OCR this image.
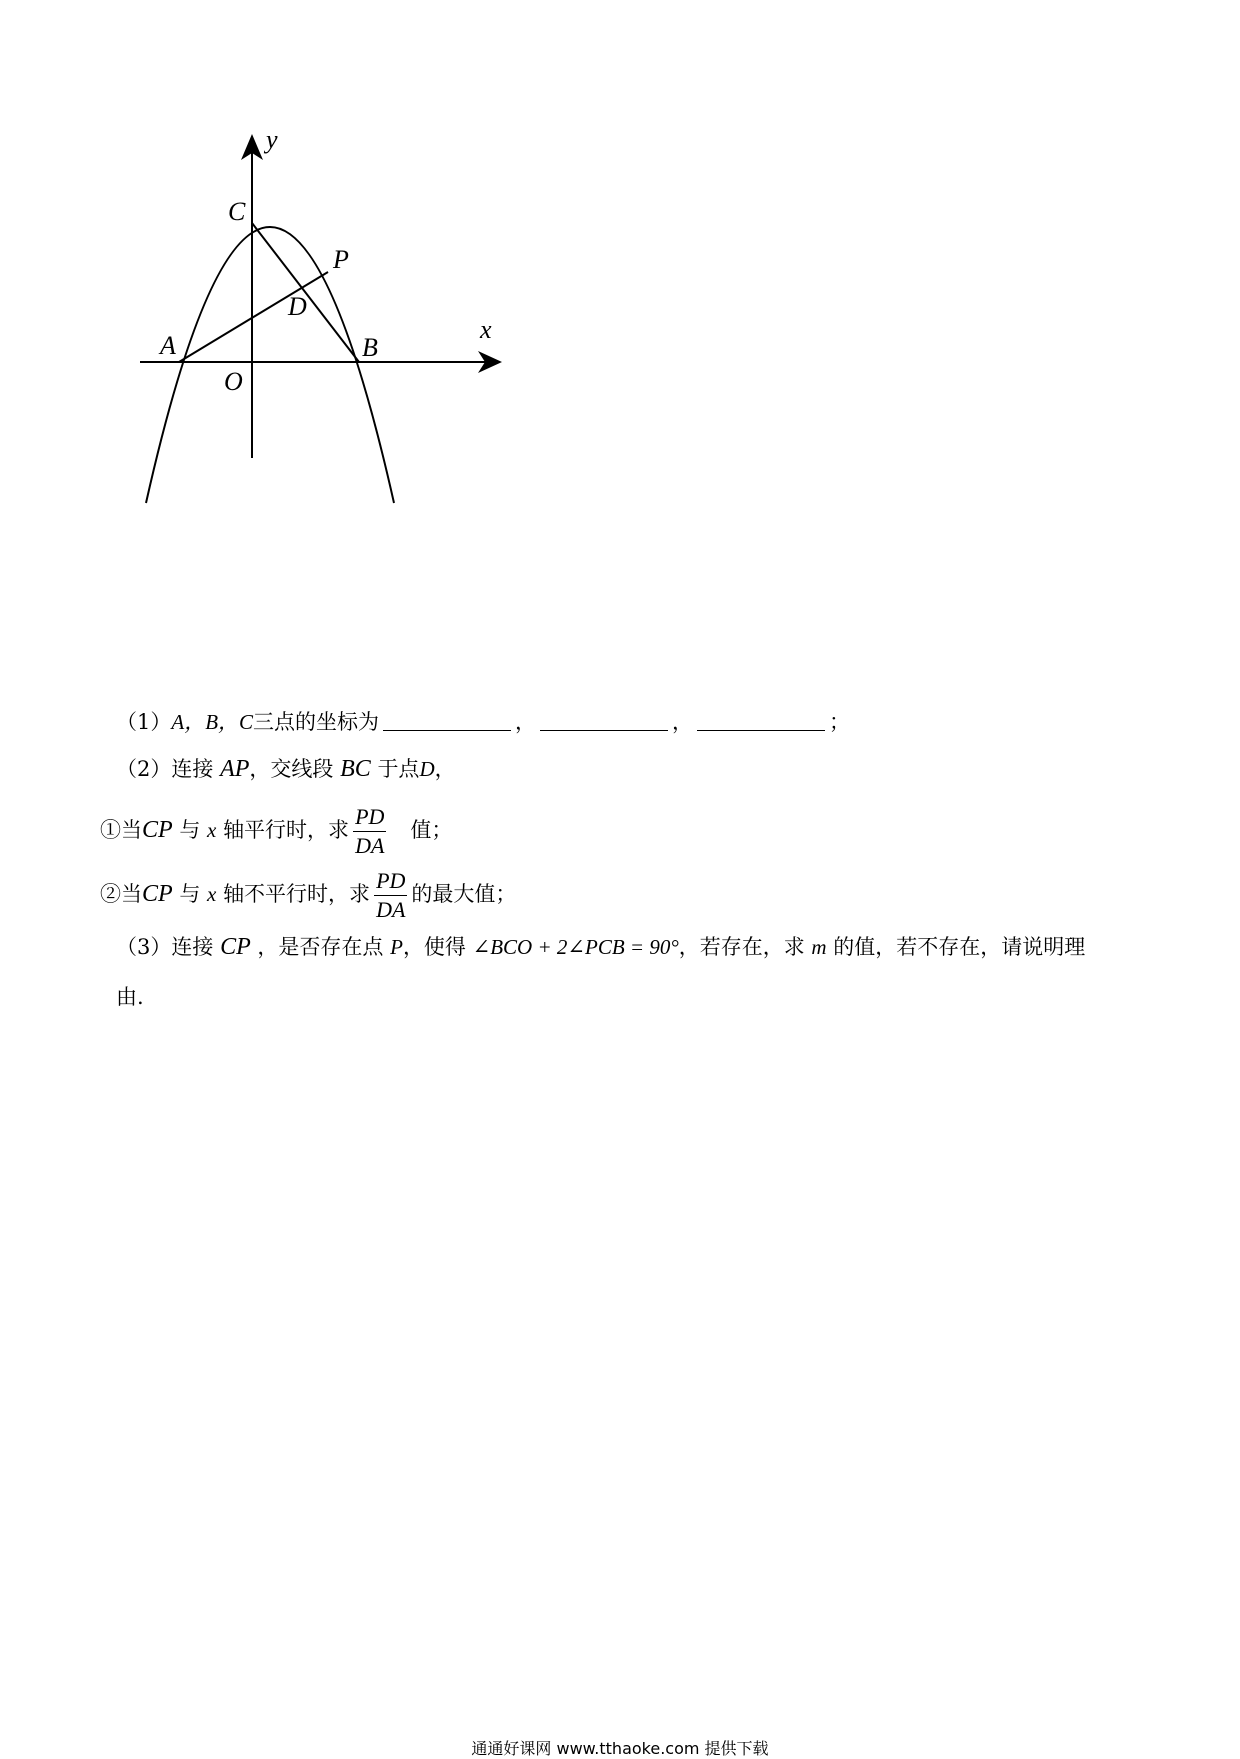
y
x
C
P
D
A	B
O
（1）A，B，C三点的坐标为	，	，	；
（2）连接 AP，交线段 BC 于点D，
①当CP 与 x 轴平行时，求 $\frac{PD}{DA}$ 值；
②当CP 与 x 轴不平行时，求 $\frac{PD}{DA}$ 的最大值；
（3）连接 CP ，是否存在点 P，使得 ∠BCO + 2∠PCB = 90°，若存在，求 m 的值，若不存在，请说明理
由.
通通好课网 www.tthaoke.com 提供下载
